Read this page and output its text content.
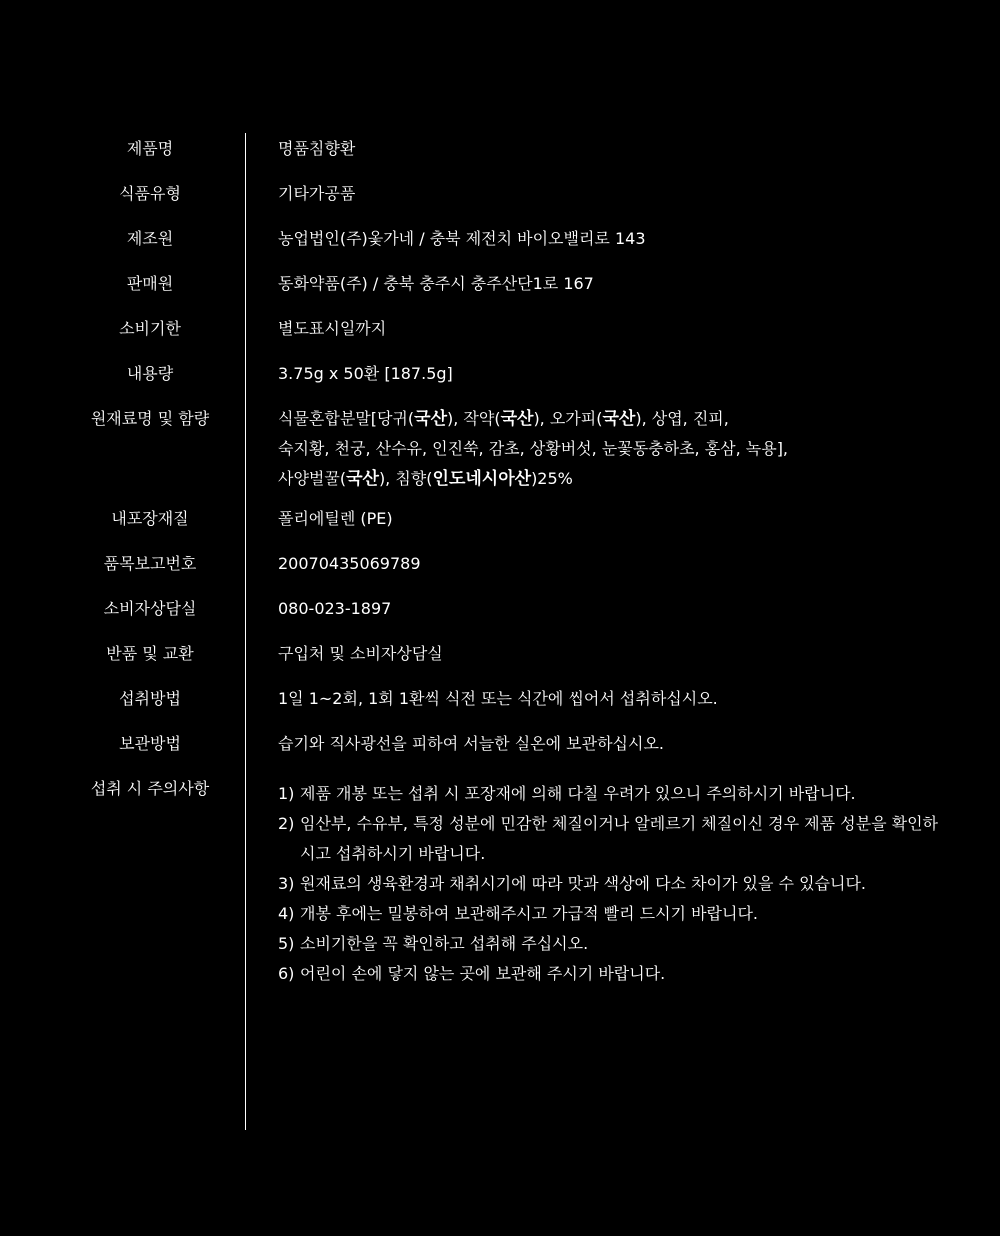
제품명	명품침향환
식품유형	기타가공품
제조원	농업법인(주)옻가네 / 충북 제전치 바이오밸리로 143
판매원	동화약품(주) / 충북 충주시 충주산단1로 167
소비기한	별도표시일까지
내용량	3.75g x 50환 [187.5g]
원재료명 및 함량	식물혼합분말[당귀(국산), 작약(국산), 오가피(국산), 상엽, 진피,
숙지황, 천궁, 산수유, 인진쑥, 감초, 상황버섯, 눈꽃동충하초, 홍삼, 녹용],
사양벌꿀(국산), 침향(인도네시아산)25%
내포장재질	폴리에틸렌 (PE)
품목보고번호	20070435069789
소비자상담실	080-023-1897
반품 및 교환	구입처 및 소비자상담실
섭취방법	1일 1~2회, 1회 1환씩 식전 또는 식간에 씹어서 섭취하십시오.
보관방법	습기와 직사광선을 피하여 서늘한 실온에 보관하십시오.
섭취 시 주의사항	1) 제품 개봉 또는 섭취 시 포장재에 의해 다칠 우려가 있으니 주의하시기 바랍니다.
2) 임산부, 수유부, 특정 성분에 민감한 체질이거나 알레르기 체질이신 경우 제품 성분을 확인하시고 섭취하시기 바랍니다.
3) 원재료의 생육환경과 채취시기에 따라 맛과 색상에 다소 차이가 있을 수 있습니다.
4) 개봉 후에는 밀봉하여 보관해주시고 가급적 빨리 드시기 바랍니다.
5) 소비기한을 꼭 확인하고 섭취해 주십시오.
6) 어린이 손에 닿지 않는 곳에 보관해 주시기 바랍니다.
